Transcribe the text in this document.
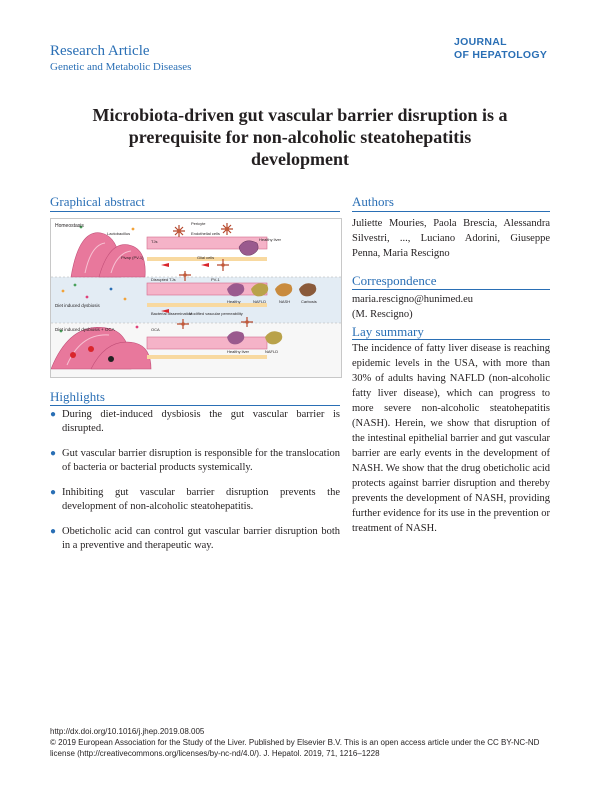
Research Article
Genetic and Metabolic Diseases
JOURNAL
OF HEPATOLOGY
Microbiota-driven gut vascular barrier disruption is a
prerequisite for non-alcoholic steatohepatitis
development
Graphical abstract
Homeostasis
Lactobacillus
TJs
Endothelial cells
Pericyte
Glial cells
Plvap (PV-1)
Healthy liver
Diet induced dysbiosis
Disrupted TJs
Bacterial dissemination
Modified vascular permeability
PV-1
Healthy	NAFLD	NASH	Carbosis
Diet induced dysbiosis + OCA	OCA
Healthy liver	NAFLD
Highlights
● During diet-induced dysbiosis the gut vascular barrier is disrupted.
● Gut vascular barrier disruption is responsible for the translocation of bacteria or bacterial products systemically.
● Inhibiting gut vascular barrier disruption prevents the development of non-alcoholic steatohepatitis.
● Obeticholic acid can control gut vascular barrier disruption both in a preventive and therapeutic way.
Authors
Juliette Mouries, Paola Brescia, Alessandra Silvestri, ..., Luciano Adorini, Giuseppe Penna, Maria Rescigno
Correspondence
maria.rescigno@hunimed.eu
(M. Rescigno)
Lay summary
The incidence of fatty liver disease is reaching epidemic levels in the USA, with more than 30% of adults having NAFLD (non-alcoholic fatty liver disease), which can progress to more severe non-alcoholic steatohepatitis (NASH). Herein, we show that disruption of the intestinal epithelial barrier and gut vascular barrier are early events in the development of NASH. We show that the drug obeticholic acid protects against barrier disruption and thereby prevents the development of NASH, providing further evidence for its use in the prevention or treatment of NASH.
http://dx.doi.org/10.1016/j.jhep.2019.08.005
© 2019 European Association for the Study of the Liver. Published by Elsevier B.V. This is an open access article under the CC BY-NC-ND
license (http://creativecommons.org/licenses/by-nc-nd/4.0/). J. Hepatol. 2019, 71, 1216–1228
